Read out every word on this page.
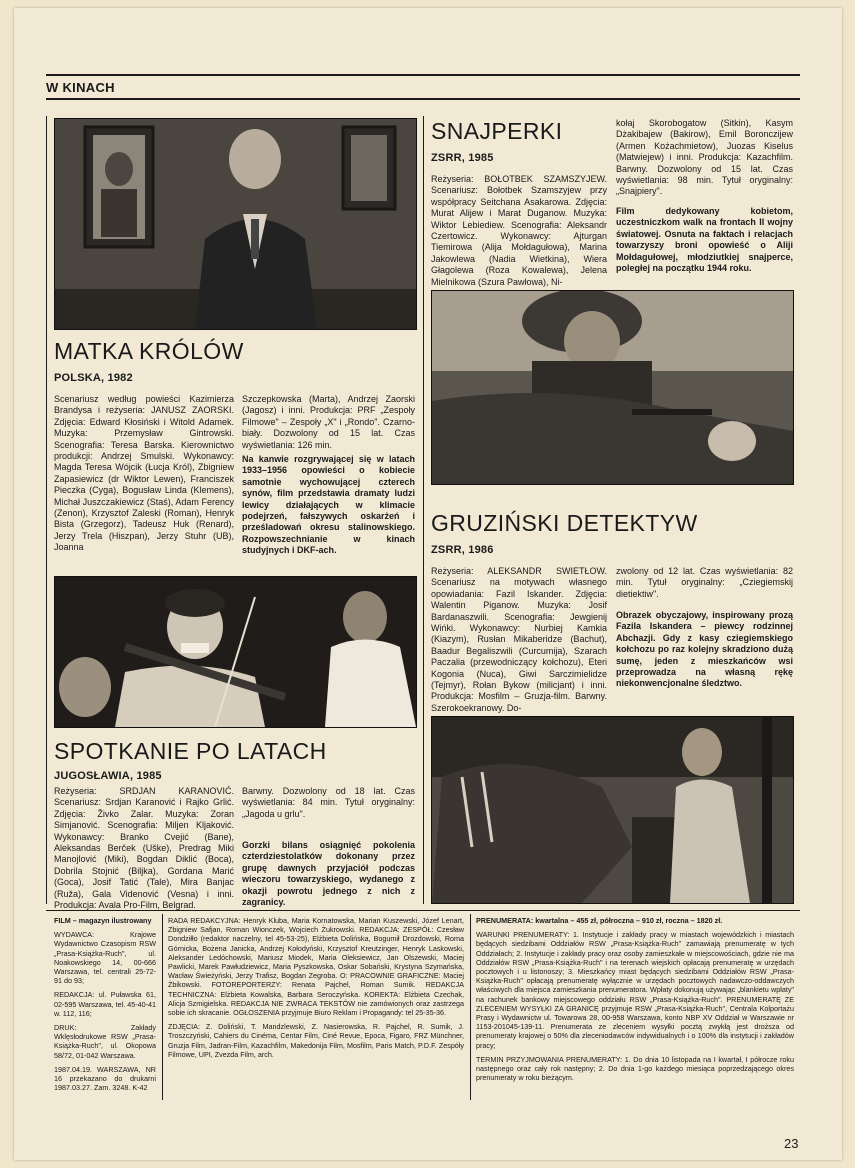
W KINACH
MATKA KRÓLÓW
POLSKA, 1982
Scenariusz według powieści Kazimierza Brandysa i reżyseria: JANUSZ ZAORSKI. Zdjęcia: Edward Kłosiński i Witold Adamek. Muzyka: Przemysław Gintrowski. Scenografia: Teresa Barska. Kierownictwo produkcji: Andrzej Smulski. Wykonawcy: Magda Teresa Wójcik (Łucja Król), Zbigniew Zapasiewicz (dr Wiktor Lewen), Franciszek Pieczka (Cyga), Bogusław Linda (Klemens), Michał Juszczakiewicz (Staś), Adam Ferency (Zenon), Krzysztof Zaleski (Roman), Henryk Bista (Grzegorz), Tadeusz Huk (Renard), Jerzy Trela (Hiszpan), Jerzy Stuhr (UB), Joanna
Szczepkowska (Marta), Andrzej Zaorski (Jagosz) i inni. Produkcja: PRF „Zespoły Filmowe" – Zespoły „X" i „Rondo". Czarno-biały. Dozwolony od 15 lat. Czas wyświetlania: 126 min.
Na kanwie rozgrywającej się w latach 1933–1956 opowieści o kobiecie samotnie wychowującej czterech synów, film przedstawia dramaty ludzi lewicy działających w klimacie podejrzeń, fałszywych oskarżeń i prześladowań okresu stalinowskiego. Rozpowszechnianie w kinach studyjnych i DKF-ach.
SNAJPERKI
ZSRR, 1985
Reżyseria: BOŁOTBEK SZAMSZYJEW. Scenariusz: Bołotbek Szamszyjew przy współpracy Seitchana Asakarowa. Zdjęcia: Murat Alijew i Marat Duganow. Muzyka: Wiktor Lebiediew. Scenografia: Aleksandr Czertowicz. Wykonawcy: Ajturgan Tiemirowa (Alija Mołdagułowa), Marina Jakowlewa (Nadia Wietkina), Wiera Głagolewa (Roza Kowalewa), Jelena Mielnikowa (Szura Pawłowa), Ni-
kołaj Skorobogatow (Sitkin), Kasym Dżakibajew (Bakirow), Emil Boronczijew (Armen Kożachmietow), Juozas Kiselus (Matwiejew) i inni. Produkcja: Kazachfilm. Barwny. Dozwolony od 15 lat. Czas wyświetlania: 98 min. Tytuł oryginalny: „Snajpiery".
Film dedykowany kobietom, uczestniczkom walk na frontach II wojny światowej. Osnuta na faktach i relacjach towarzyszy broni opowieść o Aliji Mołdagułowej, młodziutkiej snajperce, poległej na początku 1944 roku.
GRUZIŃSKI DETEKTYW
ZSRR, 1986
Reżyseria: ALEKSANDR SWIETŁOW. Scenariusz na motywach własnego opowiadania: Fazil Iskander. Zdjęcia: Walentin Piganow. Muzyka: Josif Bardanaszwili. Scenografia: Jewgienij Wińki. Wykonawcy: Nurbiej Kamkia (Kiazym), Rusłan Mikaberidze (Bachut), Baadur Begaliszwili (Curcumija), Szarach Paczalia (przewodniczący kołchozu), Eteri Kogonia (Nuca), Giwi Sarczimielidze (Tejmyr), Rołan Bykow (milicjant) i inni. Produkcja: Mosfilm – Gruzja-film. Barwny. Szerokoekranowy. Do-
zwolony od 12 lat. Czas wyświetlania: 82 min. Tytuł oryginalny: „Cziegiemskij dietiektiw".
Obrazek obyczajowy, inspirowany prozą Fazila Iskandera – piewcy rodzinnej Abchazji. Gdy z kasy cziegiemskiego kołchozu po raz kolejny skradziono dużą sumę, jeden z mieszkańców wsi przeprowadza na własną rękę niekonwencjonalne śledztwo.
SPOTKANIE PO LATACH
JUGOSŁAWIA, 1985
Reżyseria: SRDJAN KARANOVIĆ. Scenariusz: Srdjan Karanović i Rajko Grlić. Zdjęcia: Živko Zalar. Muzyka: Zoran Simjanović. Scenografia: Miljen Kljaković. Wykonawcy: Branko Cvejić (Bane), Aleksandas Berček (Uške), Predrag Miki Manojlović (Miki), Bogdan Diklić (Boca), Dobrila Stojnić (Biljka), Gordana Marić (Goca), Josif Tatić (Tale), Mira Banjac (Ruža), Gala Videnović (Vesna) i inni. Produkcja: Avala Pro-Film, Belgrad.
Barwny. Dozwolony od 18 lat. Czas wyświetlania: 84 min. Tytuł oryginalny: „Jagoda u grlu".
Gorzki bilans osiągnięć pokolenia czterdziestolatków dokonany przez grupę dawnych przyjaciół podczas wieczoru towarzyskiego, wydanego z okazji powrotu jednego z nich z zagranicy.

FILM – magazyn ilustrowany

WYDAWCA: Krajowe Wydawnictwo Czasopism RSW „Prasa-Książka-Ruch", ul. Noakowskiego 14, 00-666 Warszawa, tel. centrali 25-72-91 do 93;

REDAKCJA: ul. Puławska 61, 02-595 Warszawa, tel. 45-40-41 w. 112, 116;

DRUK: Zakłady Wklęsłodrukowe RSW „Prasa-Książka-Ruch", ul. Okopowa 58/72, 01-042 Warszawa.

1987.04.19. WARSZAWA, NR 16 przekazano do drukarni 1987.03.27. Zam. 3248. K-42

RADA REDAKCYJNA: Henryk Kluba, Maria Kornatowska, Marian Kuszewski, Józef Lenart, Zbigniew Safjan, Roman Wionczek, Wojciech Żukrowski. REDAKCJA: ZESPÓŁ: Czesław Dondziłło (redaktor naczelny, tel 45-53-25), Elżbieta Dolińska, Bogumił Drozdowski, Roma Górnicka, Bożena Janicka, Andrzej Kołodyński, Krzysztof Kreutzinger, Henryk Laskowski, Aleksander Ledóchowski, Mariusz Miodek, Maria Oleksiewicz, Jan Olszewski, Maciej Pawlicki, Marek Pawłudziewicz, Maria Pyszkowska, Oskar Sobański, Krystyna Szymańska, Wacław Świeżyński, Jerzy Trafisz, Bogdan Zegroba. O: PRACOWNIE GRAFICZNE: Maciej Żbikowski. FOTOREPORTERZY: Renata Pajchel, Roman Sumik. REDAKCJA TECHNICZNA: Elżbieta Kowalska, Barbara Seroczyńska. KOREKTA: Elżbieta Czechak, Alicja Szmigielska. REDAKCJA NIE ZWRACA TEKSTÓW nie zamówionych oraz zastrzega sobie ich skracanie. OGŁOSZENIA przyjmuje Biuro Reklam i Propagandy: tel 25-35-36.

ZDJĘCIA: Z. Doliński, T. Mandzlewski, Z. Nasierowska, R. Pajchel, R. Sumik, J. Troszczyński, Cahiers du Cinéma, Centar Film, Ciné Revue, Epoca, Figaro, FRZ Münchner, Gruzja Film, Jadran-Film, Kazachfilm, Makedonija Film, Mosfilm, Paris Match, P.D.F. Zespóły Filmowe, UPI, Zvezda Film, arch.

PRENUMERATA: kwartalna – 455 zł, półroczna – 910 zł, roczna – 1820 zł.

WARUNKI PRENUMERATY: 1. Instytucje i zakłady pracy w miastach wojewódzkich i miastach będących siedzibami Oddziałów RSW „Prasa-Książka-Ruch" zamawiają prenumeratę w tych Oddziałach; 2. Instytucje i zakłady pracy oraz osoby zamieszkałe w miejscowościach, gdzie nie ma Oddziałów RSW „Prasa-Książka-Ruch" i na terenach wiejskich opłacają prenumeratę w urzędach pocztowych i u listonoszy; 3. Mieszkańcy miast będących siedzibami Oddziałów RSW „Prasa-Książka-Ruch" opłacają prenumeratę wyłącznie w urzędach pocztowych nadawczo-oddawczych właściwych dla miejsca zamieszkania prenumeratora. Wpłaty dokonują używając „blankietu wpłaty" na rachunek bankowy miejscowego oddziału RSW „Prasa-Książka-Ruch". PRENUMERATĘ ZE ZLECENIEM WYSYŁKI ZA GRANICĘ przyjmuje RSW „Prasa-Książka-Ruch", Centrala Kolportażu Prasy i Wydawnictw ul. Towarowa 28, 00-958 Warszawa, konto NBP XV Oddział w Warszawie nr 1153-201045-139-11. Prenumerata ze zleceniem wysyłki pocztą zwykłą jest droższa od prenumeraty krajowej o 50% dla zleceniodawców indywidualnych i o 100% dla instytucji i zakładów pracy;

TERMIN PRZYJMOWANIA PRENUMERATY: 1. Do dnia 10 listopada na I kwartał, I półrocze roku następnego oraz cały rok następny; 2. Do dnia 1-go każdego miesiąca poprzedzającego okres prenumeraty w roku bieżącym.

23
